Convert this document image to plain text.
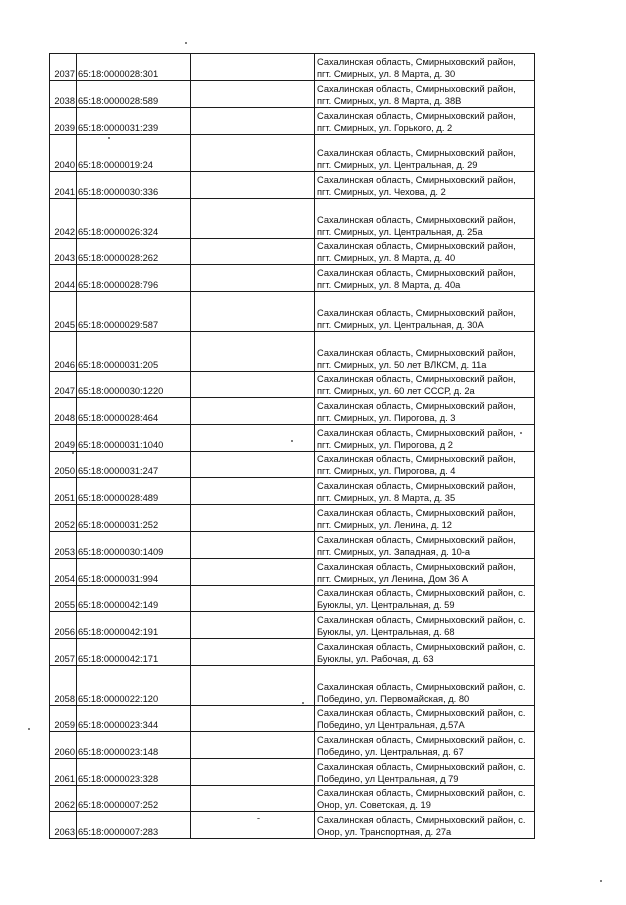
2037	65:18:0000028:301		Сахалинская область, Смирныховский район,
пгт. Смирных, ул. 8 Марта, д. 30

2038	65:18:0000028:589		Сахалинская область, Смирныховский район,
пгт. Смирных, ул. 8 Марта, д. 38В

2039	65:18:0000031:239		Сахалинская область, Смирныховский район,
пгт. Смирных, ул. Горького, д. 2

2040	65:18:0000019:24		Сахалинская область, Смирныховский район,
пгт. Смирных, ул. Центральная, д. 29

2041	65:18:0000030:336		Сахалинская область, Смирныховский район,
пгт. Смирных, ул. Чехова, д. 2

2042	65:18:0000026:324		Сахалинская область, Смирныховский район,
пгт. Смирных, ул. Центральная, д. 25а

2043	65:18:0000028:262		Сахалинская область, Смирныховский район,
пгт. Смирных, ул. 8 Марта, д. 40

2044	65:18:0000028:796		Сахалинская область, Смирныховский район,
пгт. Смирных, ул. 8 Марта, д. 40а

2045	65:18:0000029:587		Сахалинская область, Смирныховский район,
пгт. Смирных, ул. Центральная, д. 30А

2046	65:18:0000031:205		Сахалинская область, Смирныховский район,
пгт. Смирных, ул. 50 лет ВЛКСМ, д. 11а

2047	65:18:0000030:1220		Сахалинская область, Смирныховский район,
пгт. Смирных, ул. 60 лет СССР, д. 2а

2048	65:18:0000028:464		Сахалинская область, Смирныховский район,
пгт. Смирных, ул. Пирогова, д. 3

2049	65:18:0000031:1040		Сахалинская область, Смирныховский район,
пгт. Смирных, ул. Пирогова, д 2

2050	65:18:0000031:247		Сахалинская область, Смирныховский район,
пгт. Смирных, ул. Пирогова, д. 4

2051	65:18:0000028:489		Сахалинская область, Смирныховский район,
пгт. Смирных, ул. 8 Марта, д. 35

2052	65:18:0000031:252		Сахалинская область, Смирныховский район,
пгт. Смирных, ул. Ленина, д. 12

2053	65:18:0000030:1409		Сахалинская область, Смирныховский район,
пгт. Смирных, ул. Западная, д. 10-а

2054	65:18:0000031:994		Сахалинская область, Смирныховский район,
пгт. Смирных, ул Ленина, Дом 36 А

2055	65:18:0000042:149		Сахалинская область, Смирныховский район, с.
Буюклы, ул. Центральная, д. 59

2056	65:18:0000042:191		Сахалинская область, Смирныховский район, с.
Буюклы, ул. Центральная, д. 68

2057	65:18:0000042:171		Сахалинская область, Смирныховский район, с.
Буюклы, ул. Рабочая, д. 63

2058	65:18:0000022:120		Сахалинская область, Смирныховский район, с.
Победино, ул. Первомайская, д. 80

2059	65:18:0000023:344		Сахалинская область, Смирныховский район, с.
Победино, ул Центральная, д.57А

2060	65:18:0000023:148		Сахалинская область, Смирныховский район, с.
Победино, ул. Центральная, д. 67

2061	65:18:0000023:328		Сахалинская область, Смирныховский район, с.
Победино, ул Центральная, д 79

2062	65:18:0000007:252		Сахалинская область, Смирныховский район, с.
Онор, ул. Советская, д. 19

2063	65:18:0000007:283		Сахалинская область, Смирныховский район, с.
Онор, ул. Транспортная, д. 27а
